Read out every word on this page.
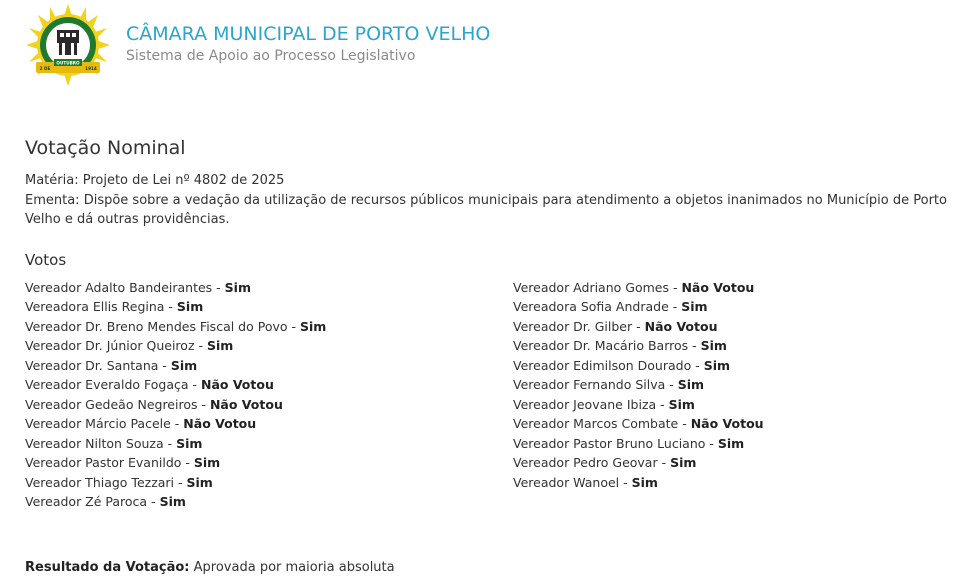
OUTUBRO
2 DE	1914
CÂMARA MUNICIPAL DE PORTO VELHO
Sistema de Apoio ao Processo Legislativo
Votação Nominal
Matéria: Projeto de Lei nº 4802 de 2025
Ementa: Dispõe sobre a vedação da utilização de recursos públicos municipais para atendimento a objetos inanimados no Município de Porto Velho e dá outras providências.
Votos
Vereador Adalto Bandeirantes - Sim
Vereadora Ellis Regina - Sim
Vereador Dr. Breno Mendes Fiscal do Povo - Sim
Vereador Dr. Júnior Queiroz - Sim
Vereador Dr. Santana - Sim
Vereador Everaldo Fogaça - Não Votou
Vereador Gedeão Negreiros - Não Votou
Vereador Márcio Pacele - Não Votou
Vereador Nilton Souza - Sim
Vereador Pastor Evanildo - Sim
Vereador Thiago Tezzari - Sim
Vereador Zé Paroca - Sim
Vereador Adriano Gomes - Não Votou
Vereadora Sofia Andrade - Sim
Vereador Dr. Gilber - Não Votou
Vereador Dr. Macário Barros - Sim
Vereador Edimilson Dourado - Sim
Vereador Fernando Silva - Sim
Vereador Jeovane Ibiza - Sim
Vereador Marcos Combate - Não Votou
Vereador Pastor Bruno Luciano - Sim
Vereador Pedro Geovar - Sim
Vereador Wanoel - Sim
Resultado da Votação: Aprovada por maioria absoluta
